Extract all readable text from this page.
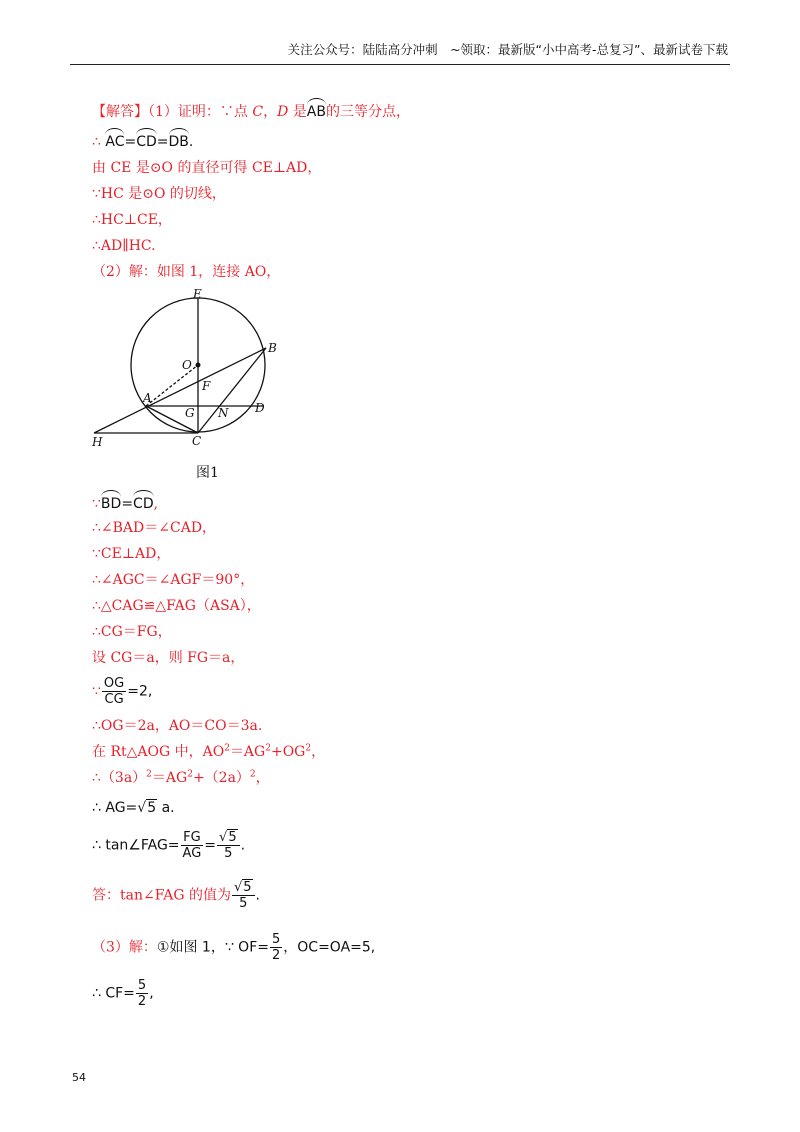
关注公众号：陆陆高分冲刺　~领取：最新版“小中高考-总复习”、最新试卷下载
【解答】（1）证明：∵点 C，D 是AB的三等分点，
∴ AC=CD=DB.
由 CE 是⊙O 的直径可得 CE⊥AD，
∵HC 是⊙O 的切线，
∴HC⊥CE，
∴AD∥HC.
（2）解：如图 1，连接 AO，
E
O
B
F
A
G N D
H	C
图1
∵BD=CD,
∴∠BAD＝∠CAD，
∵CE⊥AD，
∴∠AGC＝∠AGF＝90°，
∴△CAG≌△FAG（ASA），
∴CG＝FG，
设 CG＝a，则 FG＝a，
∵ $\frac{OG}{CG} =2$,
∴OG＝2a，AO＝CO＝3a.
在 Rt△AOG 中，$AO^2=AG^2+OG^2$，
$\therefore(3a)^2=AG^2+(2a)^2$，
∴ AG=√5 a.
∴ tan∠FAG= $\frac{FG}{AG} = \frac{√5}{5}$ .
答：tan∠FAG 的值为 $\frac{√5}{5}$ .
（3）解：①如图 1，∵ $OF= \frac{5}{2}$ ，OC=OA=5,
∴ $CF= \frac{5}{2}$ ,
54
